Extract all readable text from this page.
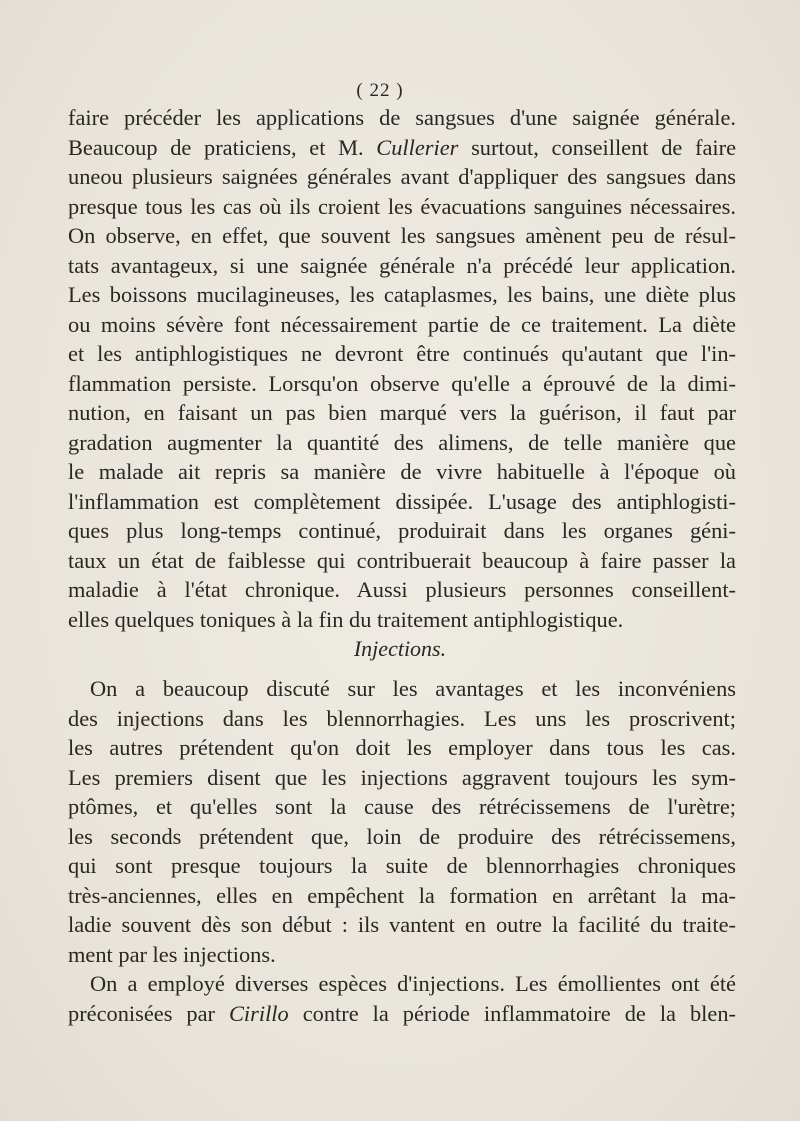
( 22 )
faire précéder les applications de sangsues d'une saignée générale.
Beaucoup de praticiens, et M. Cullerier surtout, conseillent de faire
uneou plusieurs saignées générales avant d'appliquer des sangsues dans
presque tous les cas où ils croient les évacuations sanguines nécessaires.
On observe, en effet, que souvent les sangsues amènent peu de résul-
tats avantageux, si une saignée générale n'a précédé leur application.
Les boissons mucilagineuses, les cataplasmes, les bains, une diète plus
ou moins sévère font nécessairement partie de ce traitement. La diète
et les antiphlogistiques ne devront être continués qu'autant que l'in-
flammation persiste. Lorsqu'on observe qu'elle a éprouvé de la dimi-
nution, en faisant un pas bien marqué vers la guérison, il faut par
gradation augmenter la quantité des alimens, de telle manière que
le malade ait repris sa manière de vivre habituelle à l'époque où
l'inflammation est complètement dissipée. L'usage des antiphlogisti-
ques plus long-temps continué, produirait dans les organes géni-
taux un état de faiblesse qui contribuerait beaucoup à faire passer la
maladie à l'état chronique. Aussi plusieurs personnes conseillent-
elles quelques toniques à la fin du traitement antiphlogistique.
Injections.
On a beaucoup discuté sur les avantages et les inconvéniens
des injections dans les blennorrhagies. Les uns les proscrivent;
les autres prétendent qu'on doit les employer dans tous les cas.
Les premiers disent que les injections aggravent toujours les sym-
ptômes, et qu'elles sont la cause des rétrécissemens de l'urètre;
les seconds prétendent que, loin de produire des rétrécissemens,
qui sont presque toujours la suite de blennorrhagies chroniques
très-anciennes, elles en empêchent la formation en arrêtant la ma-
ladie souvent dès son début : ils vantent en outre la facilité du traite-
ment par les injections.
On a employé diverses espèces d'injections. Les émollientes ont été
préconisées par Cirillo contre la période inflammatoire de la blen-
